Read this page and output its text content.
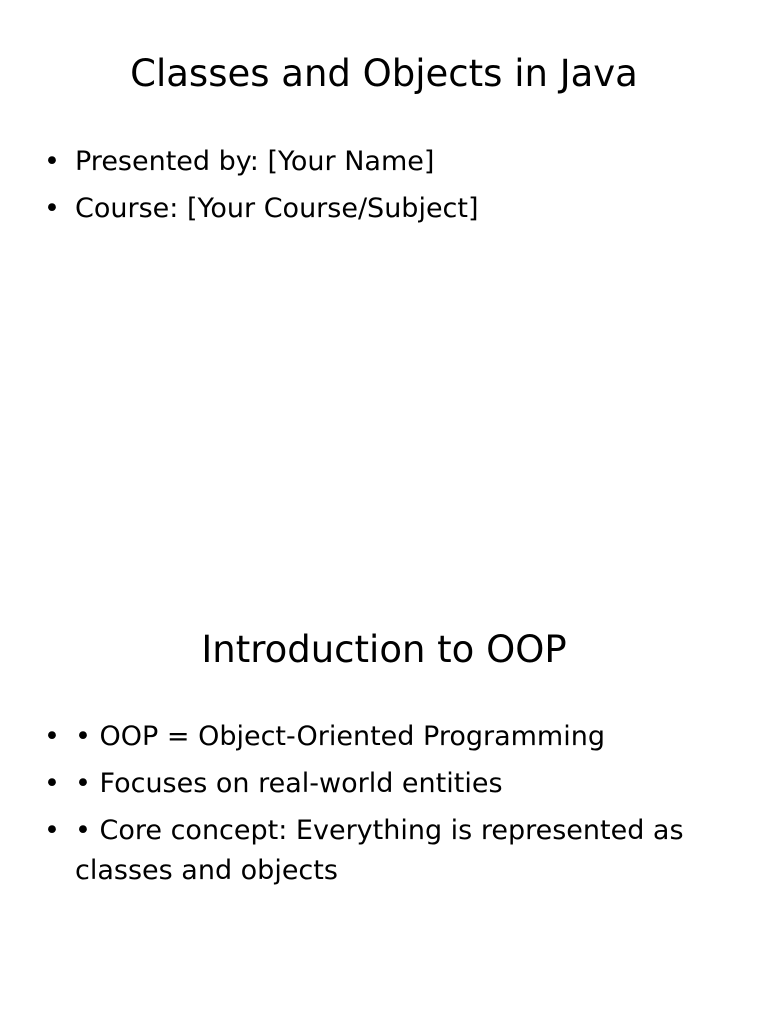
Classes and Objects in Java
• Presented by: [Your Name]
• Course: [Your Course/Subject]
Introduction to OOP
• • OOP = Object-Oriented Programming
• • Focuses on real-world entities
• • Core concept: Everything is represented as classes and objects
